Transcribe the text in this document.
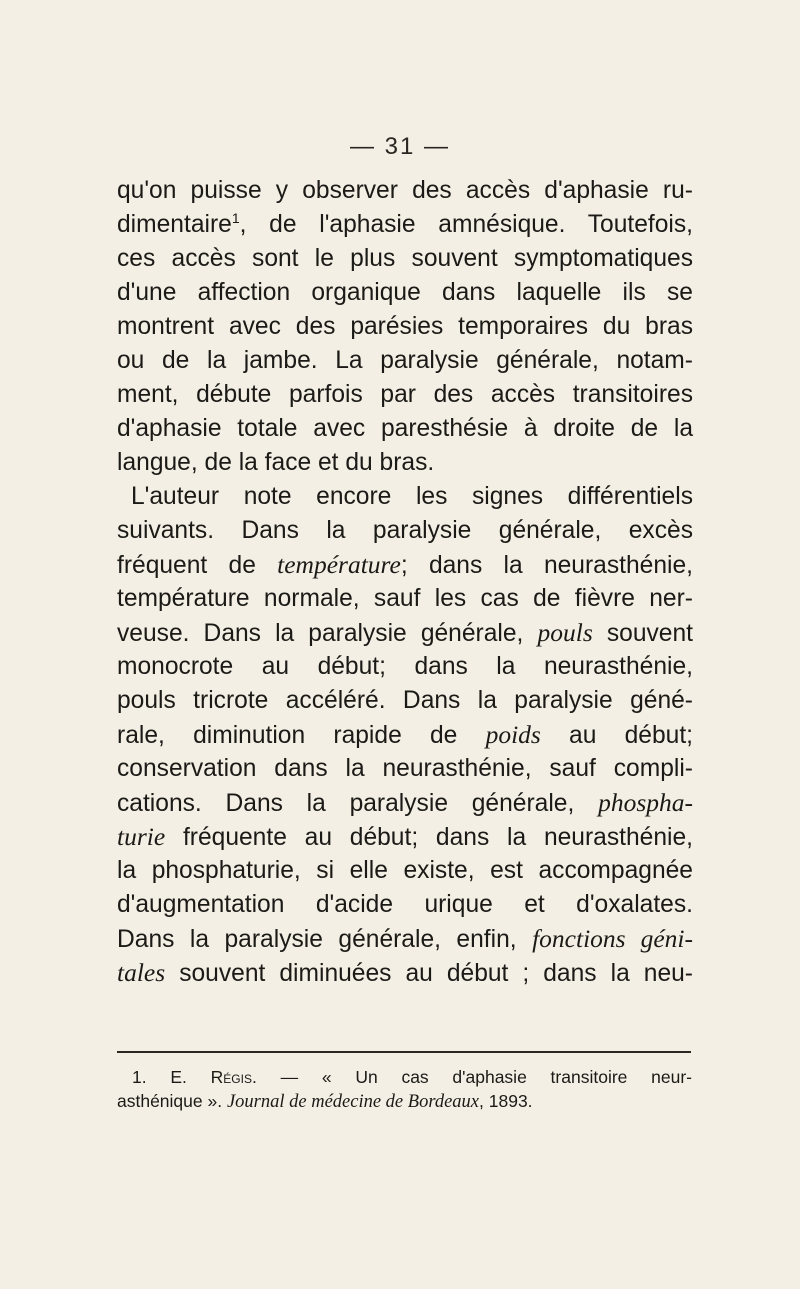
— 31 —
qu'on puisse y observer des accès d'aphasie ru-
dimentaire$^1$, de l'aphasie amnésique. Toutefois,
ces accès sont le plus souvent symptomatiques
d'une affection organique dans laquelle ils se
montrent avec des parésies temporaires du bras
ou de la jambe. La paralysie générale, notam-
ment, débute parfois par des accès transitoires
d'aphasie totale avec paresthésie à droite de la
langue, de la face et du bras.
L'auteur note encore les signes différentiels
suivants. Dans la paralysie générale, excès
fréquent de température; dans la neurasthénie,
température normale, sauf les cas de fièvre ner-
veuse. Dans la paralysie générale, pouls souvent
monocrote au début; dans la neurasthénie,
pouls tricrote accéléré. Dans la paralysie géné-
rale, diminution rapide de poids au début;
conservation dans la neurasthénie, sauf compli-
cations. Dans la paralysie générale, phospha-
turie fréquente au début; dans la neurasthénie,
la phosphaturie, si elle existe, est accompagnée
d'augmentation d'acide urique et d'oxalates.
Dans la paralysie générale, enfin, fonctions géni-
tales souvent diminuées au début ; dans la neu-
1. E. Régis. — « Un cas d'aphasie transitoire neur-
asthénique ». Journal de médecine de Bordeaux, 1893.
